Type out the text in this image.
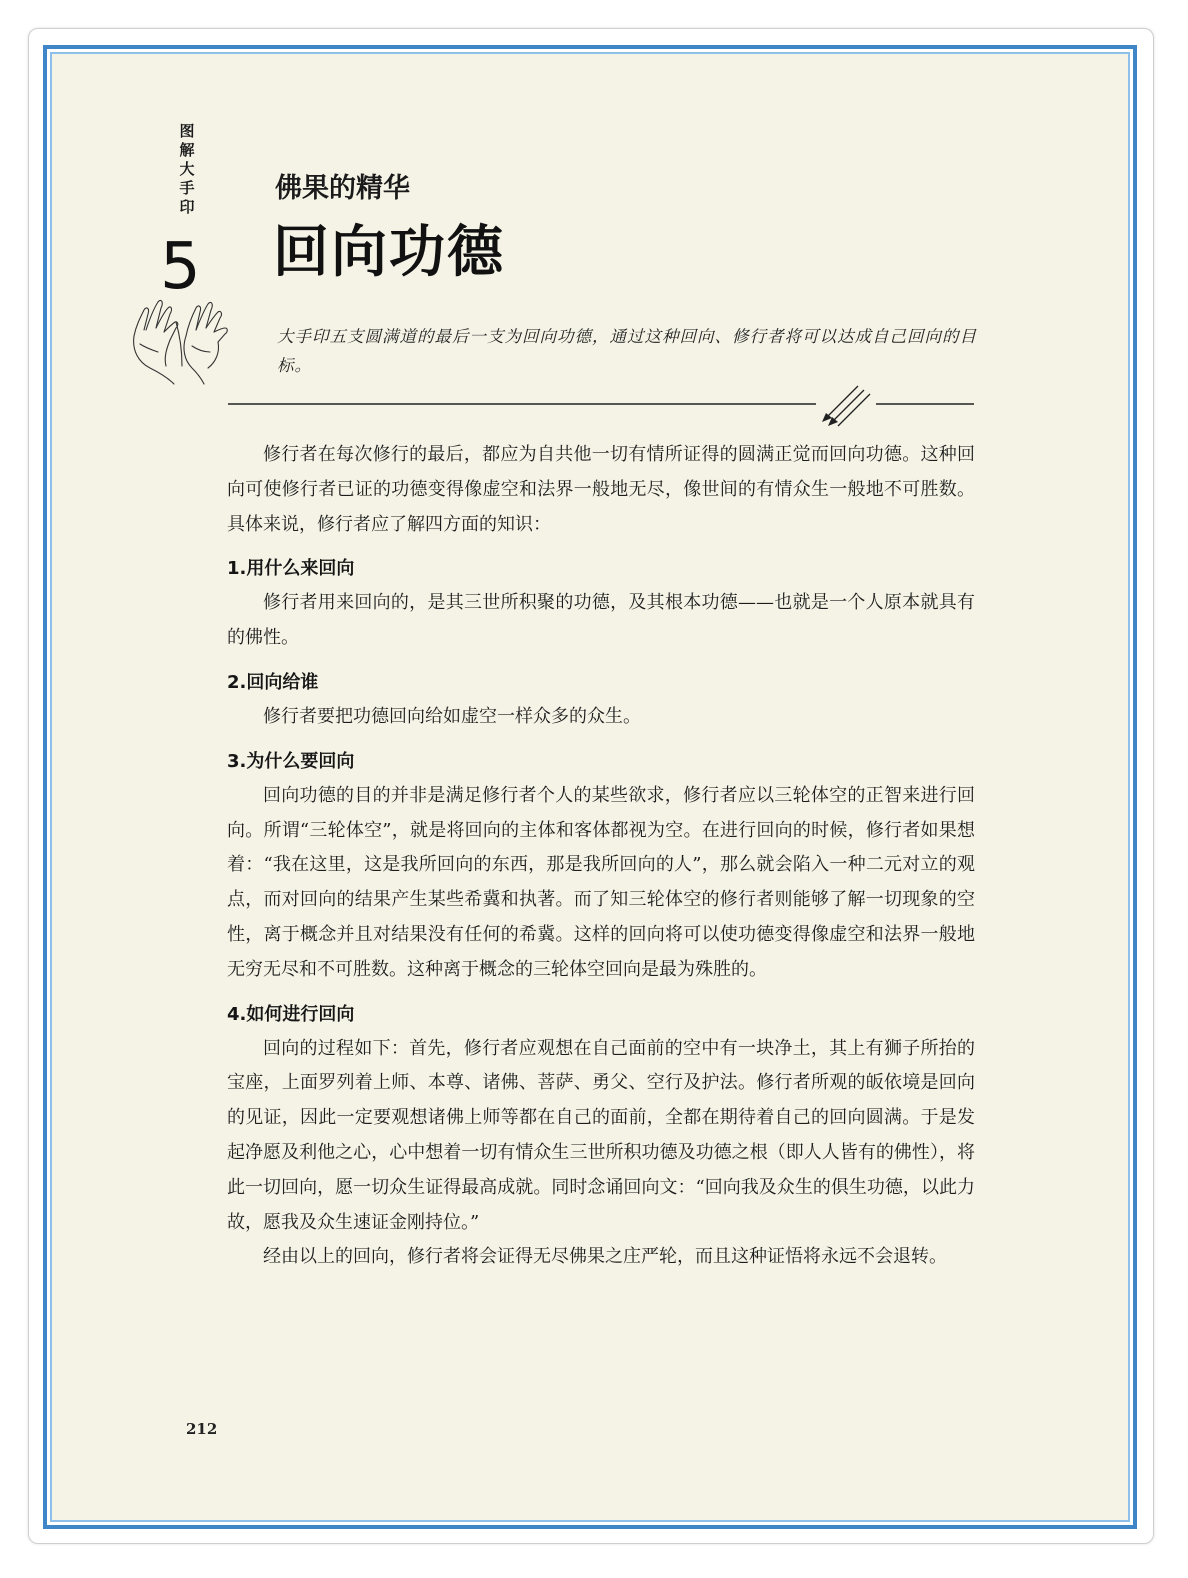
图解大手印
5
佛果的精华
回向功德
大手印五支圆满道的最后一支为回向功德，通过这种回向、修行者将可以达成自己回向的目标。

修行者在每次修行的最后，都应为自共他一切有情所证得的圆满正觉而回向功德。这种回向可使修行者已证的功德变得像虚空和法界一般地无尽，像世间的有情众生一般地不可胜数。具体来说，修行者应了解四方面的知识：

1.用什么来回向

修行者用来回向的，是其三世所积聚的功德，及其根本功德——也就是一个人原本就具有的佛性。

2.回向给谁

修行者要把功德回向给如虚空一样众多的众生。

3.为什么要回向

回向功德的目的并非是满足修行者个人的某些欲求，修行者应以三轮体空的正智来进行回向。所谓“三轮体空”，就是将回向的主体和客体都视为空。在进行回向的时候，修行者如果想着：“我在这里，这是我所回向的东西，那是我所回向的人”，那么就会陷入一种二元对立的观点，而对回向的结果产生某些希冀和执著。而了知三轮体空的修行者则能够了解一切现象的空性，离于概念并且对结果没有任何的希冀。这样的回向将可以使功德变得像虚空和法界一般地无穷无尽和不可胜数。这种离于概念的三轮体空回向是最为殊胜的。

4.如何进行回向

回向的过程如下：首先，修行者应观想在自己面前的空中有一块净土，其上有狮子所抬的宝座，上面罗列着上师、本尊、诸佛、菩萨、勇父、空行及护法。修行者所观的皈依境是回向的见证，因此一定要观想诸佛上师等都在自己的面前，全都在期待着自己的回向圆满。于是发起净愿及利他之心，心中想着一切有情众生三世所积功德及功德之根（即人人皆有的佛性），将此一切回向，愿一切众生证得最高成就。同时念诵回向文：“回向我及众生的俱生功德，以此力故，愿我及众生速证金刚持位。”

经由以上的回向，修行者将会证得无尽佛果之庄严轮，而且这种证悟将永远不会退转。

212
